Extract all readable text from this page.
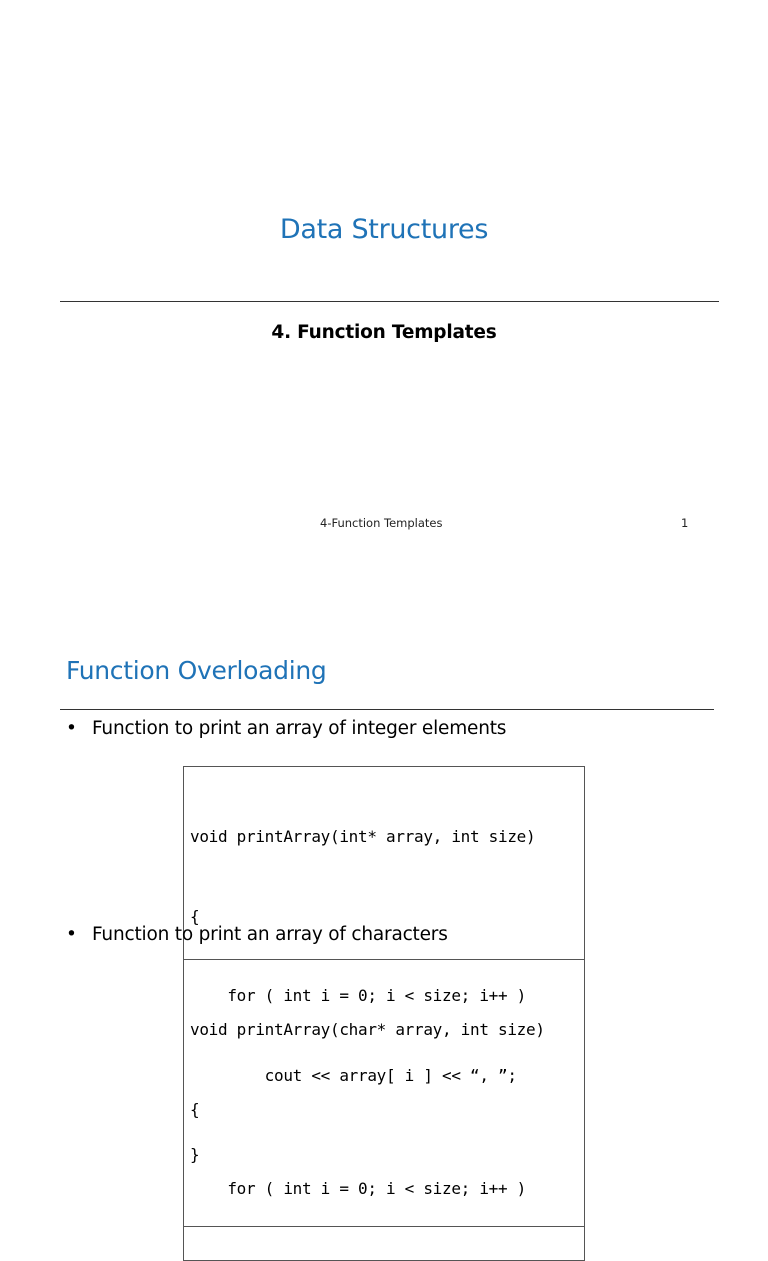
Data Structures
4. Function Templates
4-Function Templates	1
Function Overloading
• Function to print an array of integer elements

void printArray(int* array, int size)

{

for ( int i = 0; i < size; i++ )

cout << array[ i ] << “, ”;

}

• Function to print an array of characters

void printArray(char* array, int size)

{

for ( int i = 0; i < size; i++ )
